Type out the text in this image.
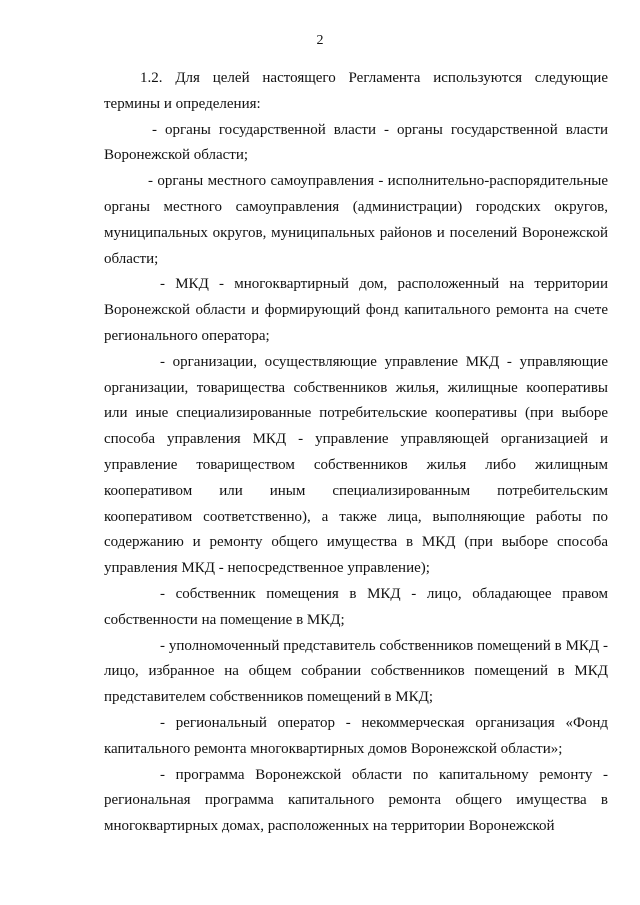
2
1.2. Для целей настоящего Регламента используются следующие
термины и определения:
- органы государственной власти - органы государственной власти
Воронежской области;
- органы местного самоуправления - исполнительно-распорядительные
органы местного самоуправления (администрации) городских округов,
муниципальных округов, муниципальных районов и поселений Воронежской
области;
- МКД - многоквартирный дом, расположенный на территории
Воронежской области и формирующий фонд капитального ремонта на счете
регионального оператора;
- организации, осуществляющие управление МКД - управляющие
организации, товарищества собственников жилья, жилищные кооперативы
или иные специализированные потребительские кооперативы (при выборе
способа управления МКД - управление управляющей организацией и
управление товариществом собственников жилья либо жилищным
кооперативом или иным специализированным потребительским
кооперативом соответственно), а также лица, выполняющие работы по
содержанию и ремонту общего имущества в МКД (при выборе способа
управления МКД - непосредственное управление);
- собственник помещения в МКД - лицо, обладающее правом
собственности на помещение в МКД;
- уполномоченный представитель собственников помещений в МКД -
лицо, избранное на общем собрании собственников помещений в МКД
представителем собственников помещений в МКД;
- региональный оператор - некоммерческая организация «Фонд
капитального ремонта многоквартирных домов Воронежской области»;
- программа Воронежской области по капитальному ремонту -
региональная программа капитального ремонта общего имущества в
многоквартирных домах, расположенных на территории Воронежской
